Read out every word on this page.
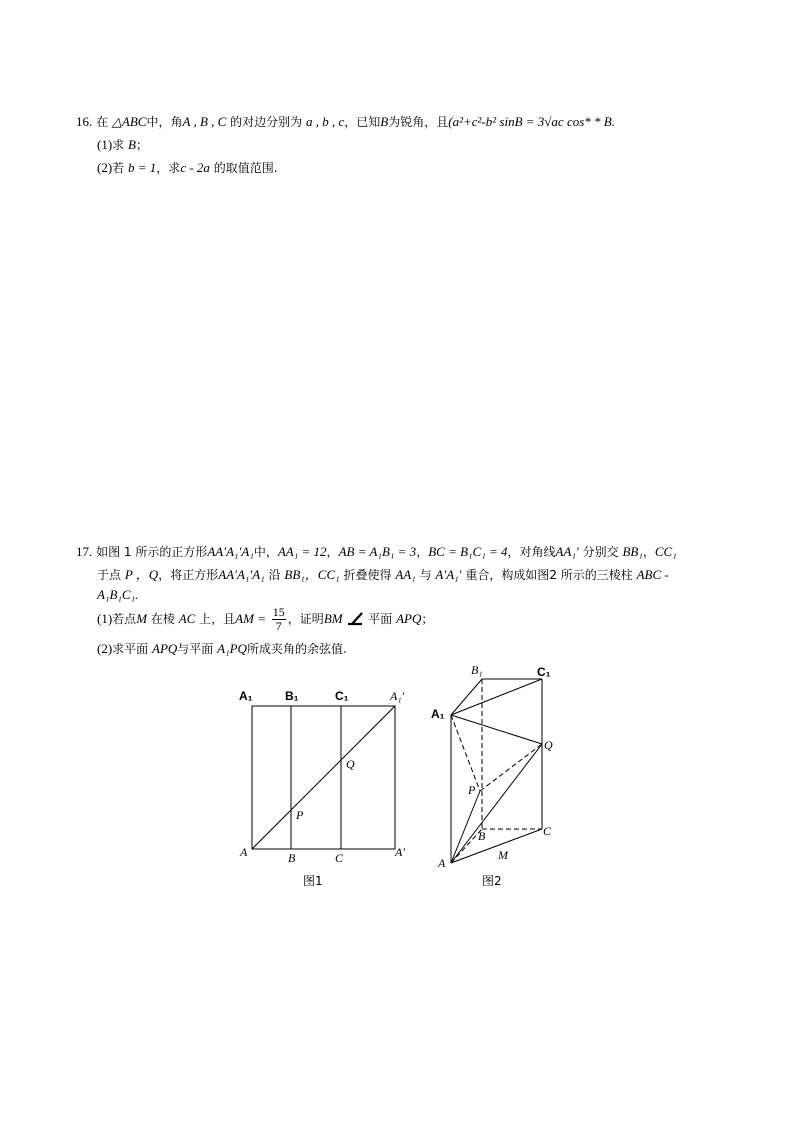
16. 在 △ABC中，角A , B , C 的对边分别为 a , b , c，已知B为锐角，且(a²+c²-b² sinB = 3√ac cos* * B.
(1)求 B；
(2)若 b = 1，求c - 2a 的取值范围.
17. 如图 1 所示的正方形AA′A₁′A₁中，AA₁ = 12，AB = A₁B₁ = 3，BC = B₁C₁ = 4，对角线AA₁′ 分别交 BB₁，CC₁
于点 P ，Q，将正方形AA′A₁′A₁ 沿 BB₁，CC₁ 折叠使得 AA₁ 与 A′A₁′ 重合，构成如图2 所示的三棱柱 ABC -
A₁B₁C₁.
(1)若点M 在棱 AC 上，且AM = $\frac{15}{7}$ ，证明BM 平面 APQ；
(2)求平面 APQ与平面 A₁PQ所成夹角的余弦值.
A₁	B₁	C₁	A₁′
A	B	C	A′
P
Q
图1
B₁	C₁
A₁
Q
P
B	C
A
M
图2
